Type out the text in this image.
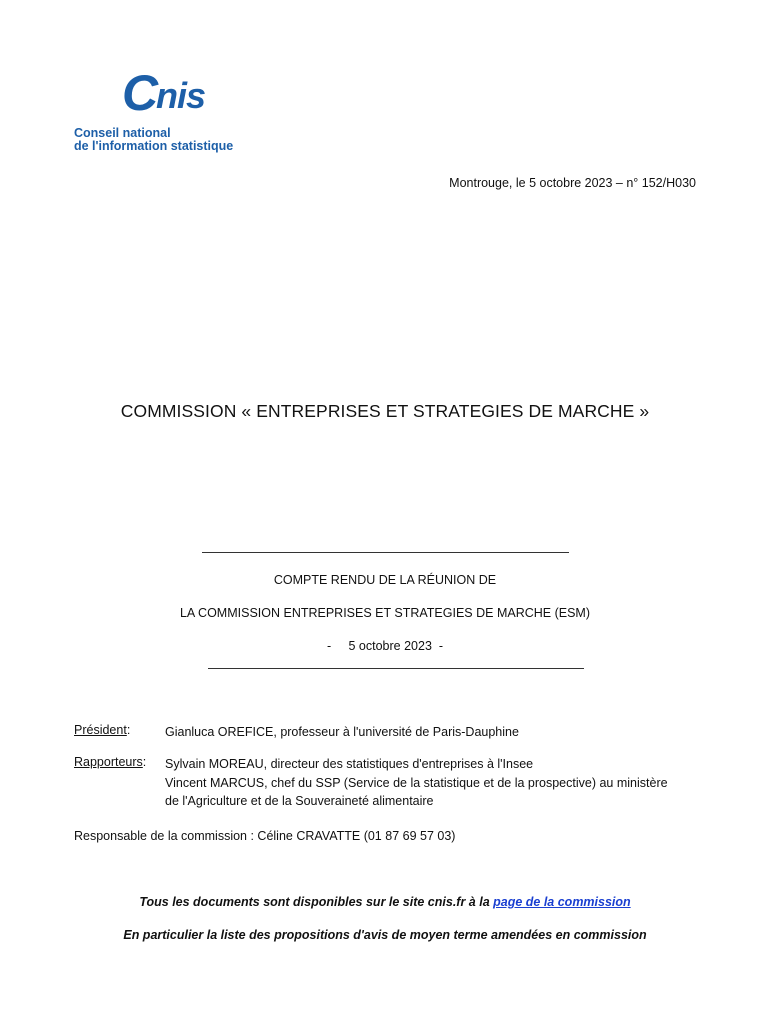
C nis
Conseil national
de l'information statistique
Montrouge, le 5 octobre 2023 – n° 152/H030
COMMISSION « ENTREPRISES ET STRATEGIES DE MARCHE »
COMPTE RENDU DE LA RÉUNION DE
LA COMMISSION ENTREPRISES ET STRATEGIES DE MARCHE (ESM)
-     5 octobre 2023  -
Président:	Gianluca OREFICE, professeur à l'université de Paris-Dauphine
Rapporteurs: Sylvain MOREAU, directeur des statistiques d'entreprises à l'Insee
Vincent MARCUS, chef du SSP (Service de la statistique et de la prospective) au ministère
de l'Agriculture et de la Souveraineté alimentaire
Responsable de la commission : Céline CRAVATTE (01 87 69 57 03)
Tous les documents sont disponibles sur le site cnis.fr à la page de la commission
En particulier la liste des propositions d'avis de moyen terme amendées en commission
